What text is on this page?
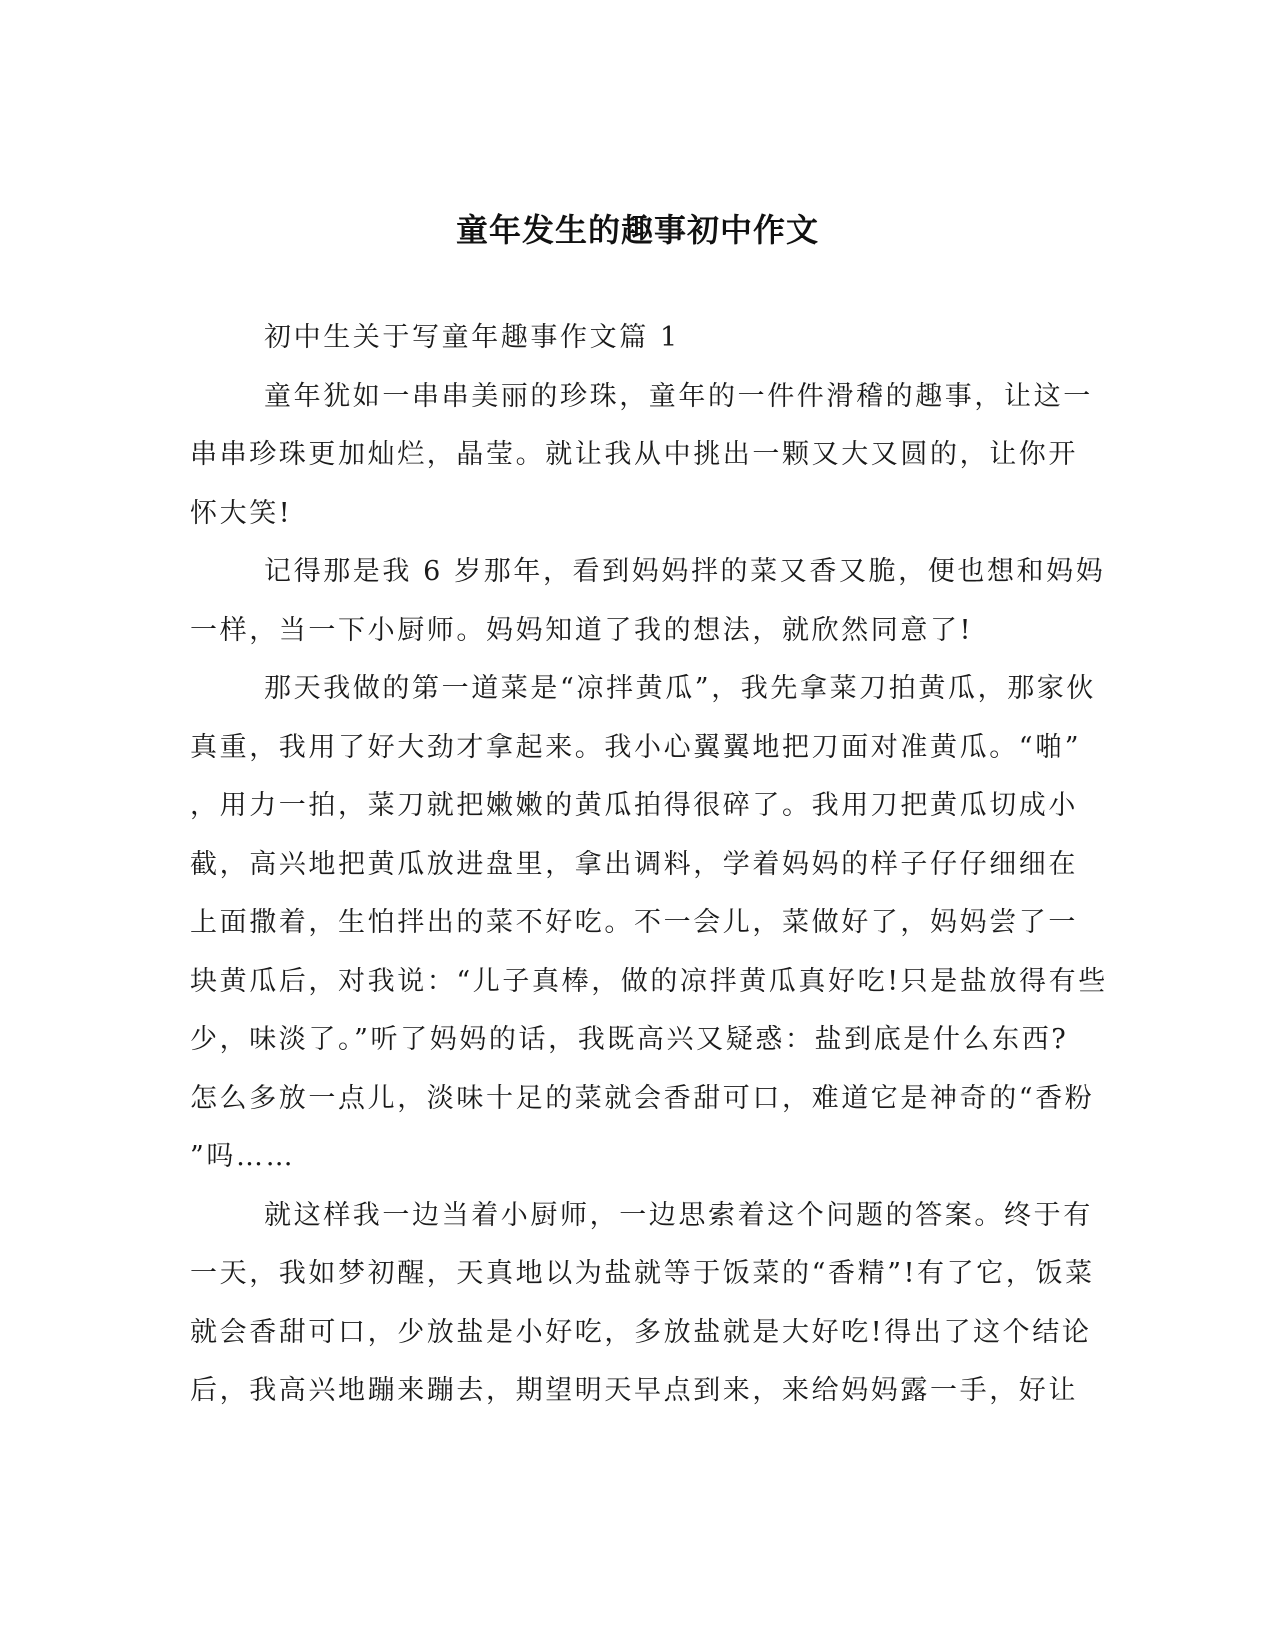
童年发生的趣事初中作文
初中生关于写童年趣事作文篇 1
童年犹如一串串美丽的珍珠，童年的一件件滑稽的趣事，让这一
串串珍珠更加灿烂，晶莹。就让我从中挑出一颗又大又圆的，让你开
怀大笑!
记得那是我 6 岁那年，看到妈妈拌的菜又香又脆，便也想和妈妈
一样，当一下小厨师。妈妈知道了我的想法，就欣然同意了!
那天我做的第一道菜是“凉拌黄瓜”，我先拿菜刀拍黄瓜，那家伙
真重，我用了好大劲才拿起来。我小心翼翼地把刀面对准黄瓜。“啪”
，用力一拍，菜刀就把嫩嫩的黄瓜拍得很碎了。我用刀把黄瓜切成小
截，高兴地把黄瓜放进盘里，拿出调料，学着妈妈的样子仔仔细细在
上面撒着，生怕拌出的菜不好吃。不一会儿，菜做好了，妈妈尝了一
块黄瓜后，对我说：“儿子真棒，做的凉拌黄瓜真好吃!只是盐放得有些
少，味淡了。”听了妈妈的话，我既高兴又疑惑：盐到底是什么东西?
怎么多放一点儿，淡味十足的菜就会香甜可口，难道它是神奇的“香粉
”吗……
就这样我一边当着小厨师，一边思索着这个问题的答案。终于有
一天，我如梦初醒，天真地以为盐就等于饭菜的“香精”!有了它，饭菜
就会香甜可口，少放盐是小好吃，多放盐就是大好吃!得出了这个结论
后，我高兴地蹦来蹦去，期望明天早点到来，来给妈妈露一手，好让
